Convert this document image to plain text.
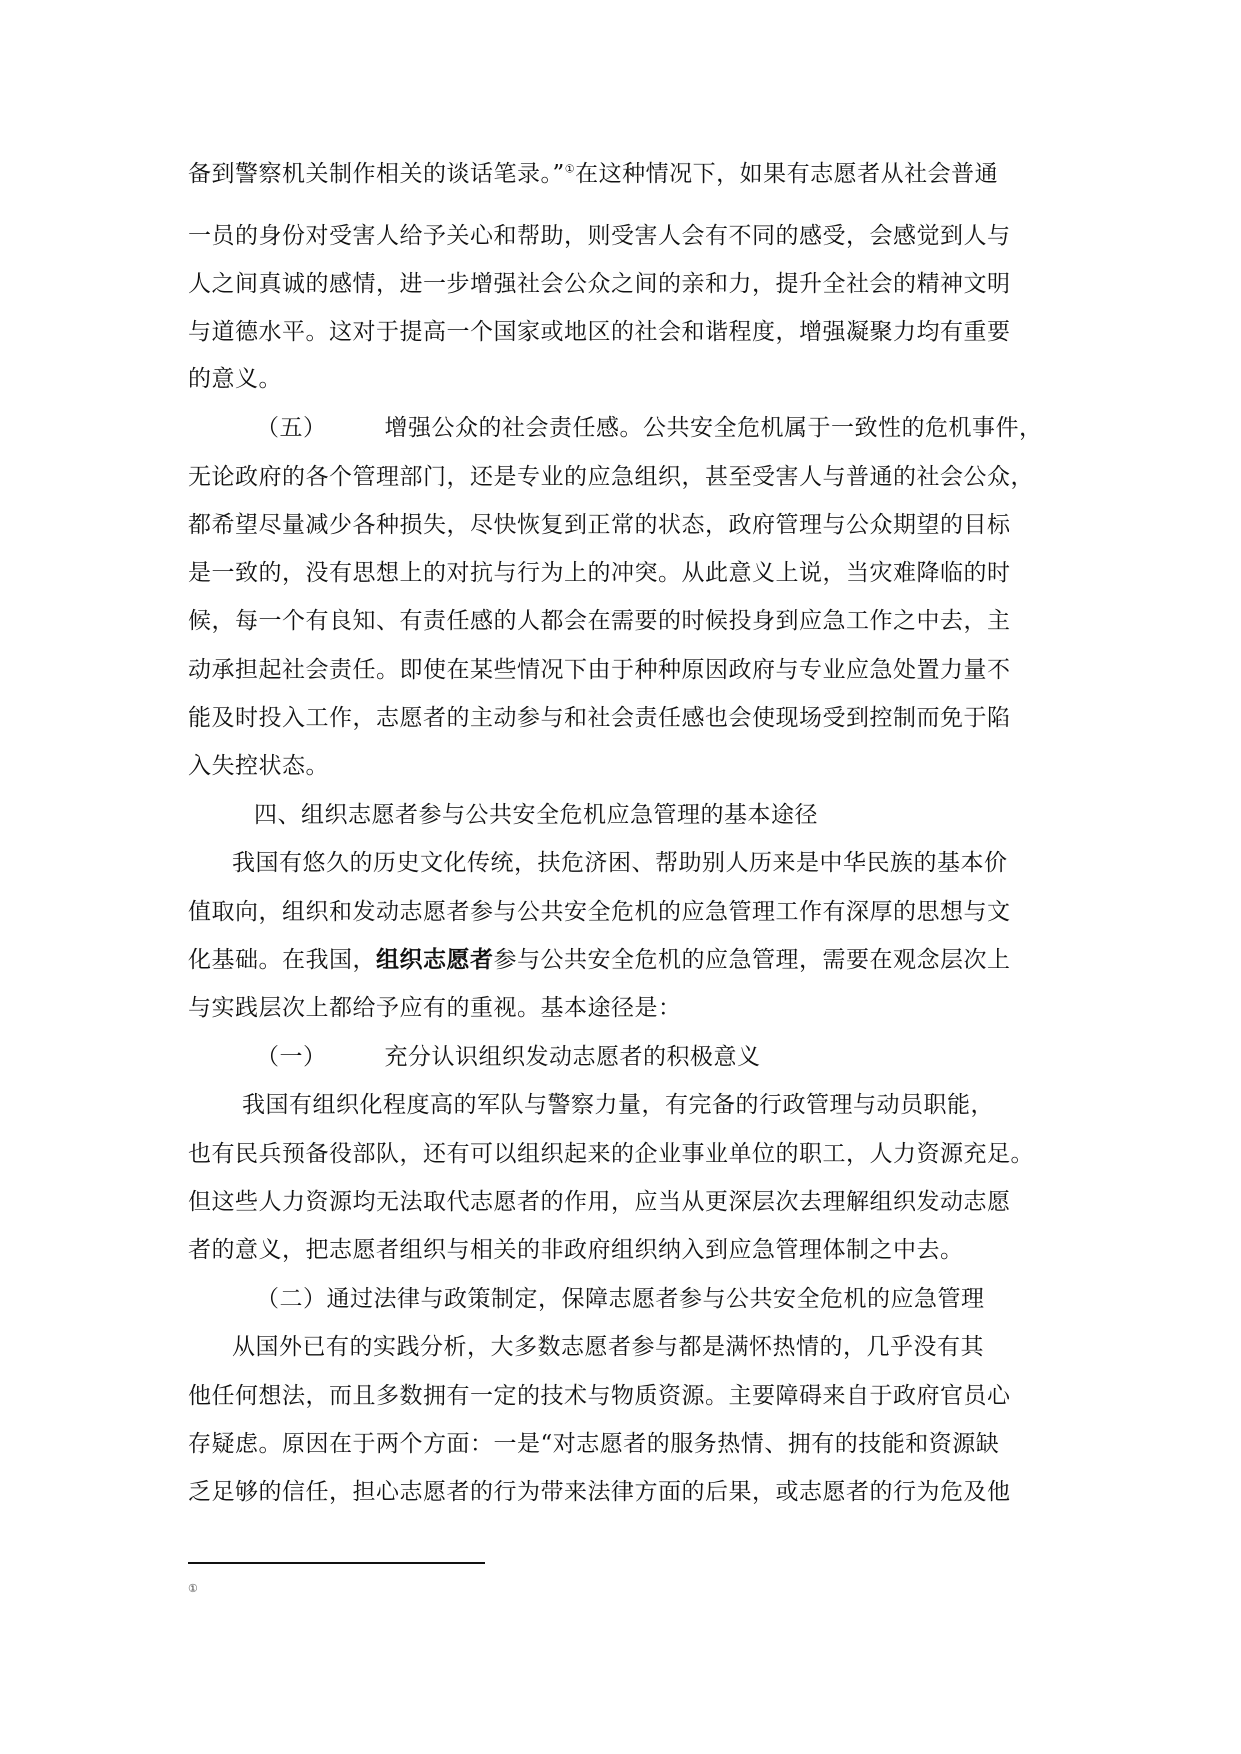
备到警察机关制作相关的谈话笔录。”①在这种情况下，如果有志愿者从社会普通
一员的身份对受害人给予关心和帮助，则受害人会有不同的感受，会感觉到人与
人之间真诚的感情，进一步增强社会公众之间的亲和力，提升全社会的精神文明
与道德水平。这对于提高一个国家或地区的社会和谐程度，增强凝聚力均有重要
的意义。
（五）	增强公众的社会责任感。公共安全危机属于一致性的危机事件，
无论政府的各个管理部门，还是专业的应急组织，甚至受害人与普通的社会公众，
都希望尽量减少各种损失，尽快恢复到正常的状态，政府管理与公众期望的目标
是一致的，没有思想上的对抗与行为上的冲突。从此意义上说，当灾难降临的时
候，每一个有良知、有责任感的人都会在需要的时候投身到应急工作之中去，主
动承担起社会责任。即使在某些情况下由于种种原因政府与专业应急处置力量不
能及时投入工作，志愿者的主动参与和社会责任感也会使现场受到控制而免于陷
入失控状态。
四、组织志愿者参与公共安全危机应急管理的基本途径
我国有悠久的历史文化传统，扶危济困、帮助别人历来是中华民族的基本价
值取向，组织和发动志愿者参与公共安全危机的应急管理工作有深厚的思想与文
化基础。在我国，组织志愿者参与公共安全危机的应急管理，需要在观念层次上
与实践层次上都给予应有的重视。基本途径是：
（一）	充分认识组织发动志愿者的积极意义
我国有组织化程度高的军队与警察力量，有完备的行政管理与动员职能，
也有民兵预备役部队，还有可以组织起来的企业事业单位的职工，人力资源充足。
但这些人力资源均无法取代志愿者的作用，应当从更深层次去理解组织发动志愿
者的意义，把志愿者组织与相关的非政府组织纳入到应急管理体制之中去。
（二）通过法律与政策制定，保障志愿者参与公共安全危机的应急管理
从国外已有的实践分析，大多数志愿者参与都是满怀热情的，几乎没有其
他任何想法，而且多数拥有一定的技术与物质资源。主要障碍来自于政府官员心
存疑虑。原因在于两个方面：一是“对志愿者的服务热情、拥有的技能和资源缺
乏足够的信任，担心志愿者的行为带来法律方面的后果，或志愿者的行为危及他
①
